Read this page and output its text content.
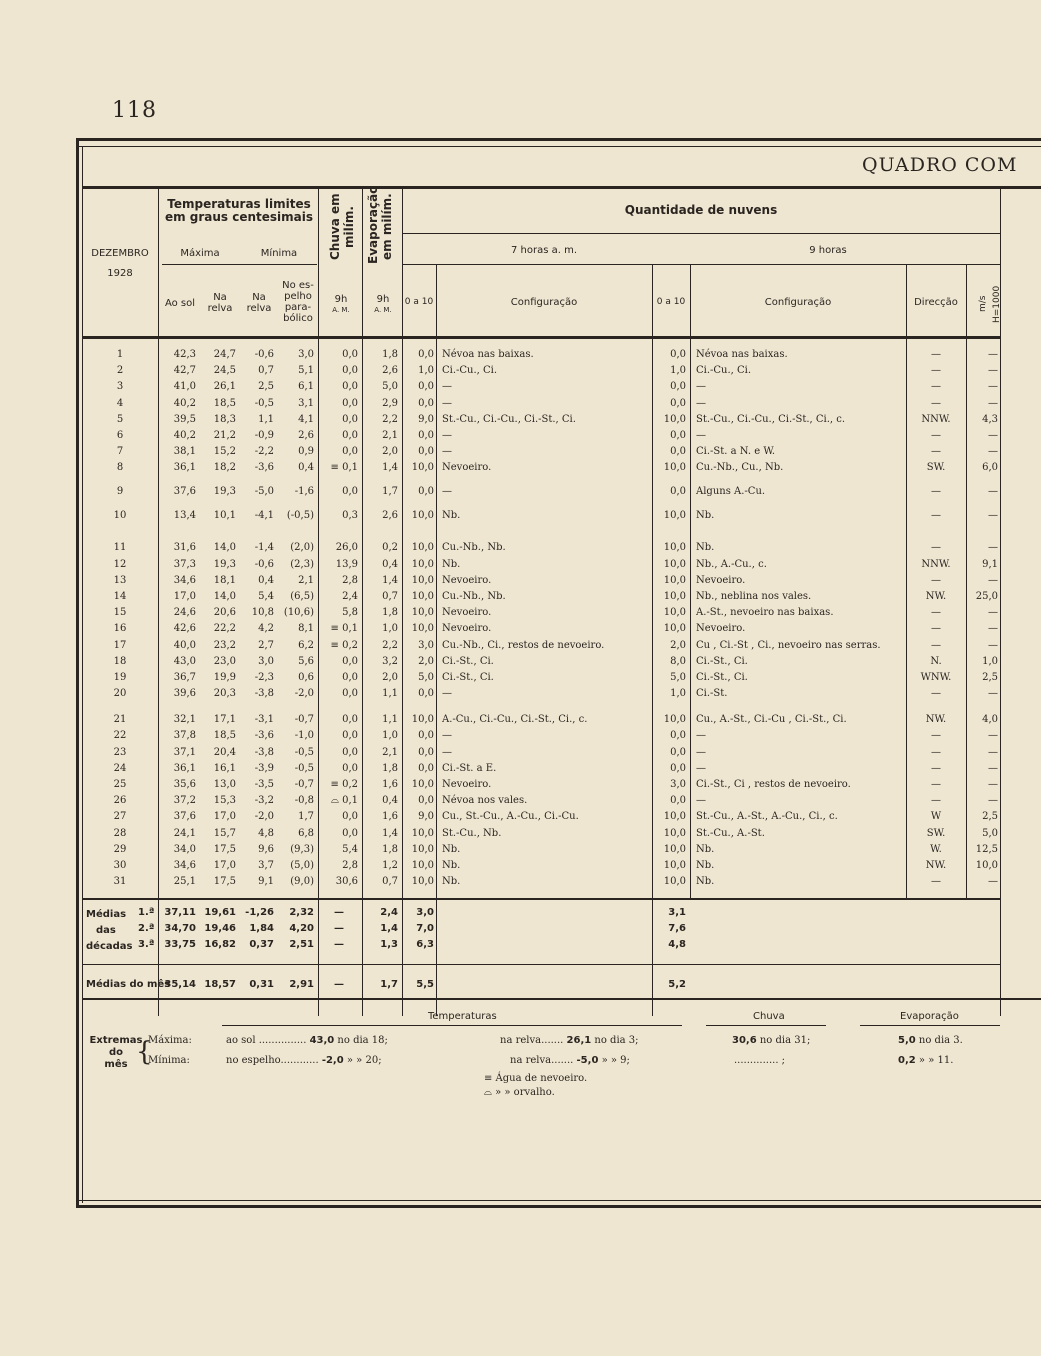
118
QUADRO COM
DEZEMBRO
1928
Temperaturas limites
em graus centesimais
Máxima	Mínima
Ao sol
Na
relva
Na
relva
No es-
pelho
para-
bólico
Chuva em milím. Evaporação em milím.
9h
A. M.
9h
A. M.
Quantidade de nuvens
7 horas a. m.	9 horas
0 a 10	Configuração	0 a 10	Configuração	Direcção	m/s H=1000
1	42,3	24,7	-0,6	3,0	0,0	1,8	0,0 Névoa nas baixas.	0,0 Névoa nas baixas.	—	—
2	42,7	24,5	0,7	5,1	0,0	2,6	1,0 Ci.-Cu., Ci.	1,0 Ci.-Cu., Ci.	—	—
3	41,0	26,1	2,5	6,1	0,0	5,0	0,0 —	0,0 —	—	—
4	40,2	18,5	-0,5	3,1	0,0	2,9	0,0 —	0,0 —	—	—
5	39,5	18,3	1,1	4,1	0,0	2,2	9,0 St.-Cu., Ci.-Cu., Ci.-St., Ci.	10,0 St.-Cu., Ci.-Cu., Ci.-St., Ci., c.	NNW.	4,3
6	40,2	21,2	-0,9	2,6	0,0	2,1	0,0 —	0,0 —	—	—
7	38,1	15,2	-2,2	0,9	0,0	2,0	0,0 —	0,0 Ci.-St. a N. e W.	—	—
8	36,1	18,2	-3,6	0,4	≡ 0,1	1,4	10,0 Nevoeiro.	10,0 Cu.-Nb., Cu., Nb.	SW.	6,0
9	37,6	19,3	-5,0	-1,6	0,0	1,7	0,0 —	0,0 Alguns A.-Cu.	—	—
10	13,4	10,1	-4,1	(-0,5)	0,3	2,6	10,0 Nb.	10,0 Nb.	—	—
11	31,6	14,0	-1,4	(2,0)	26,0	0,2	10,0 Cu.-Nb., Nb.	10,0 Nb.	—	—
12	37,3	19,3	-0,6	(2,3)	13,9	0,4	10,0 Nb.	10,0 Nb., A.-Cu., c.	NNW.	9,1
13	34,6	18,1	0,4	2,1	2,8	1,4	10,0 Nevoeiro.	10,0 Nevoeiro.	—	—
14	17,0	14,0	5,4	(6,5)	2,4	0,7	10,0 Cu.-Nb., Nb.	10,0 Nb., neblina nos vales.	NW.	25,0
15	24,6	20,6	10,8 (10,6)	5,8	1,8	10,0 Nevoeiro.	10,0 A.-St., nevoeiro nas baixas.	—	—
16	42,6	22,2	4,2	8,1	≡ 0,1	1,0	10,0 Nevoeiro.	10,0 Nevoeiro.	—	—
17	40,0	23,2	2,7	6,2	≡ 0,2	2,2	3,0 Cu.-Nb., Ci., restos de nevoeiro.	2,0 Cu , Ci.-St , Ci., nevoeiro nas serras.	—	—
18	43,0	23,0	3,0	5,6	0,0	3,2	2,0 Ci.-St., Ci.	8,0 Ci.-St., Ci.	N.	1,0
19	36,7	19,9	-2,3	0,6	0,0	2,0	5,0 Ci.-St., Ci.	5,0 Ci.-St., Ci.	WNW.	2,5
20	39,6	20,3	-3,8	-2,0	0,0	1,1	0,0 —	1,0 Ci.-St.	—	—
21	32,1	17,1	-3,1	-0,7	0,0	1,1	10,0 A.-Cu., Ci.-Cu., Ci.-St., Ci., c.	10,0 Cu., A.-St., Ci.-Cu , Ci.-St., Ci.	NW.	4,0
22	37,8	18,5	-3,6	-1,0	0,0	1,0	0,0 —	0,0 —	—	—
23	37,1	20,4	-3,8	-0,5	0,0	2,1	0,0 —	0,0 —	—	—
24	36,1	16,1	-3,9	-0,5	0,0	1,8	0,0 Ci.-St. a E.	0,0 —	—	—
25	35,6	13,0	-3,5	-0,7	≡ 0,2	1,6	10,0 Nevoeiro.	3,0 Ci.-St., Ci , restos de nevoeiro.	—	—
26	37,2	15,3	-3,2	-0,8	⌓ 0,1	0,4	0,0 Névoa nos vales.	0,0 —	—	—
27	37,6	17,0	-2,0	1,7	0,0	1,6	9,0 Cu., St.-Cu., A.-Cu., Ci.-Cu.	10,0 St.-Cu., A.-St., A.-Cu., Ci., c.	W	2,5
28	24,1	15,7	4,8	6,8	0,0	1,4	10,0 St.-Cu., Nb.	10,0 St.-Cu., A.-St.	SW.	5,0
29	34,0	17,5	9,6	(9,3)	5,4	1,8	10,0 Nb.	10,0 Nb.	W.	12,5
30	34,6	17,0	3,7	(5,0)	2,8	1,2	10,0 Nb.	10,0 Nb.	NW.	10,0
31	25,1	17,5	9,1	(9,0)	30,6	0,7	10,0 Nb.	10,0 Nb.	—	—
Médias
das
décadas
1.ª 37,11 19,61 -1,26	2,32	—	2,4	3,0	3,1
2.ª 34,70 19,46	1,84	4,20	—	1,4	7,0	7,6
3.ª 33,75 16,82	0,37	2,51	—	1,3	6,3	4,8
Médias do mês
35,14 18,57	0,31	2,91	—	1,7	5,5	5,2
Temperaturas	Chuva	Evaporação
Extremas
do
mês {
Máxima:
Mínima:
ao sol ............... 43,0 no dia 18;	na relva....... 26,1 no dia 3;	30,6 no dia 31;	5,0 no dia 3.
no espelho............ -2,0 » » 20;	na relva....... -5,0 » » 9;	.............. ;	0,2 » » 11.
≡ Água de nevoeiro.
⌓ » » orvalho.
